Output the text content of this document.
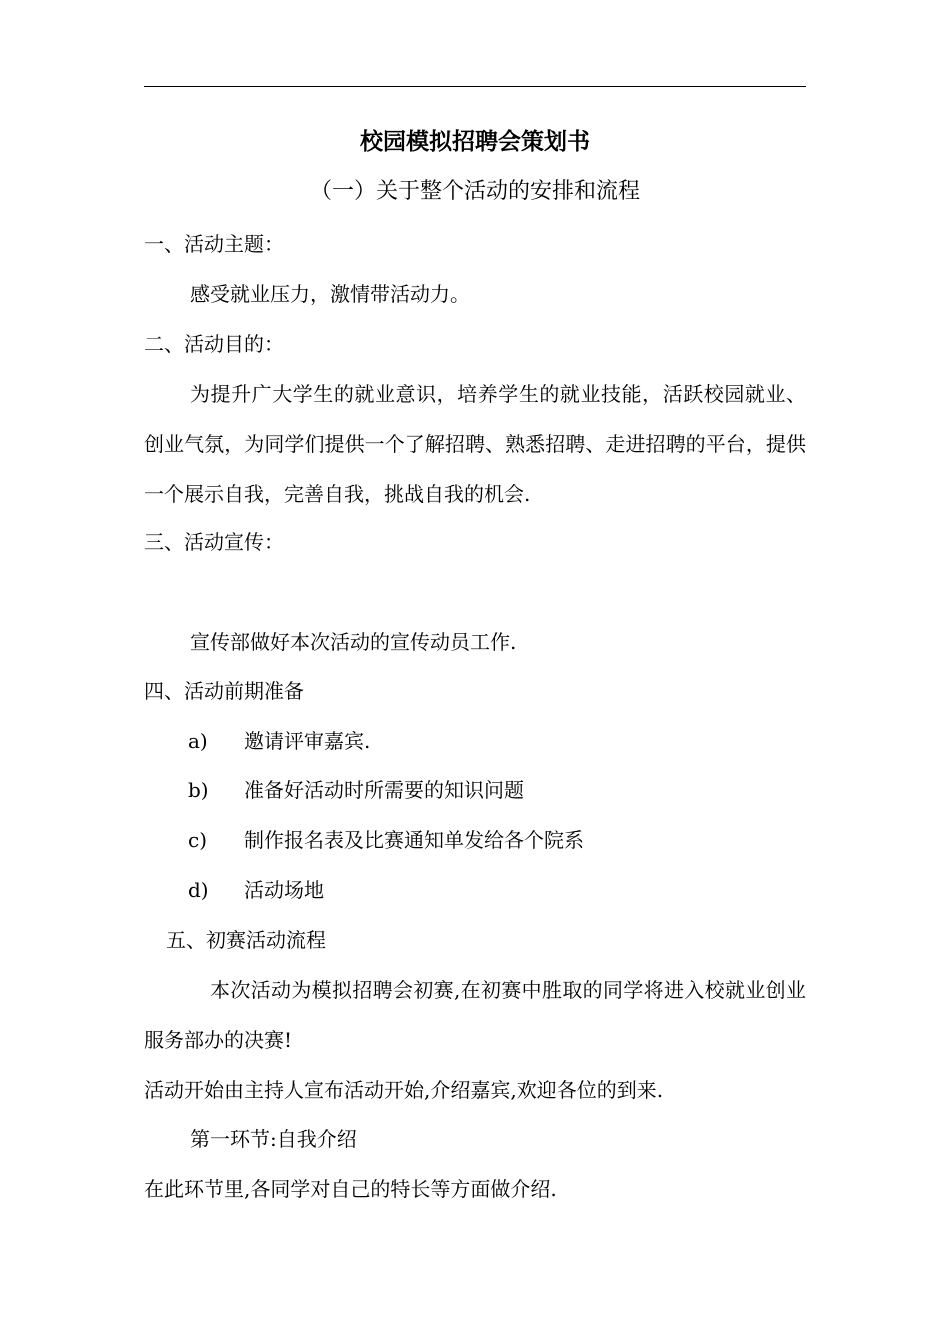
校园模拟招聘会策划书
（一）关于整个活动的安排和流程
一、活动主题：
感受就业压力，激情带活动力。
二、活动目的：
为提升广大学生的就业意识，培养学生的就业技能，活跃校园就业、创业气氛，为同学们提供一个了解招聘、熟悉招聘、走进招聘的平台，提供一个展示自我，完善自我，挑战自我的机会.
三、活动宣传：
宣传部做好本次活动的宣传动员工作.
四、活动前期准备
a) 邀请评审嘉宾.
b) 准备好活动时所需要的知识问题
c) 制作报名表及比赛通知单发给各个院系
d) 活动场地
五、初赛活动流程
本次活动为模拟招聘会初赛,在初赛中胜取的同学将进入校就业创业服务部办的决赛!
活动开始由主持人宣布活动开始,介绍嘉宾,欢迎各位的到来.
第一环节:自我介绍
在此环节里,各同学对自己的特长等方面做介绍.
